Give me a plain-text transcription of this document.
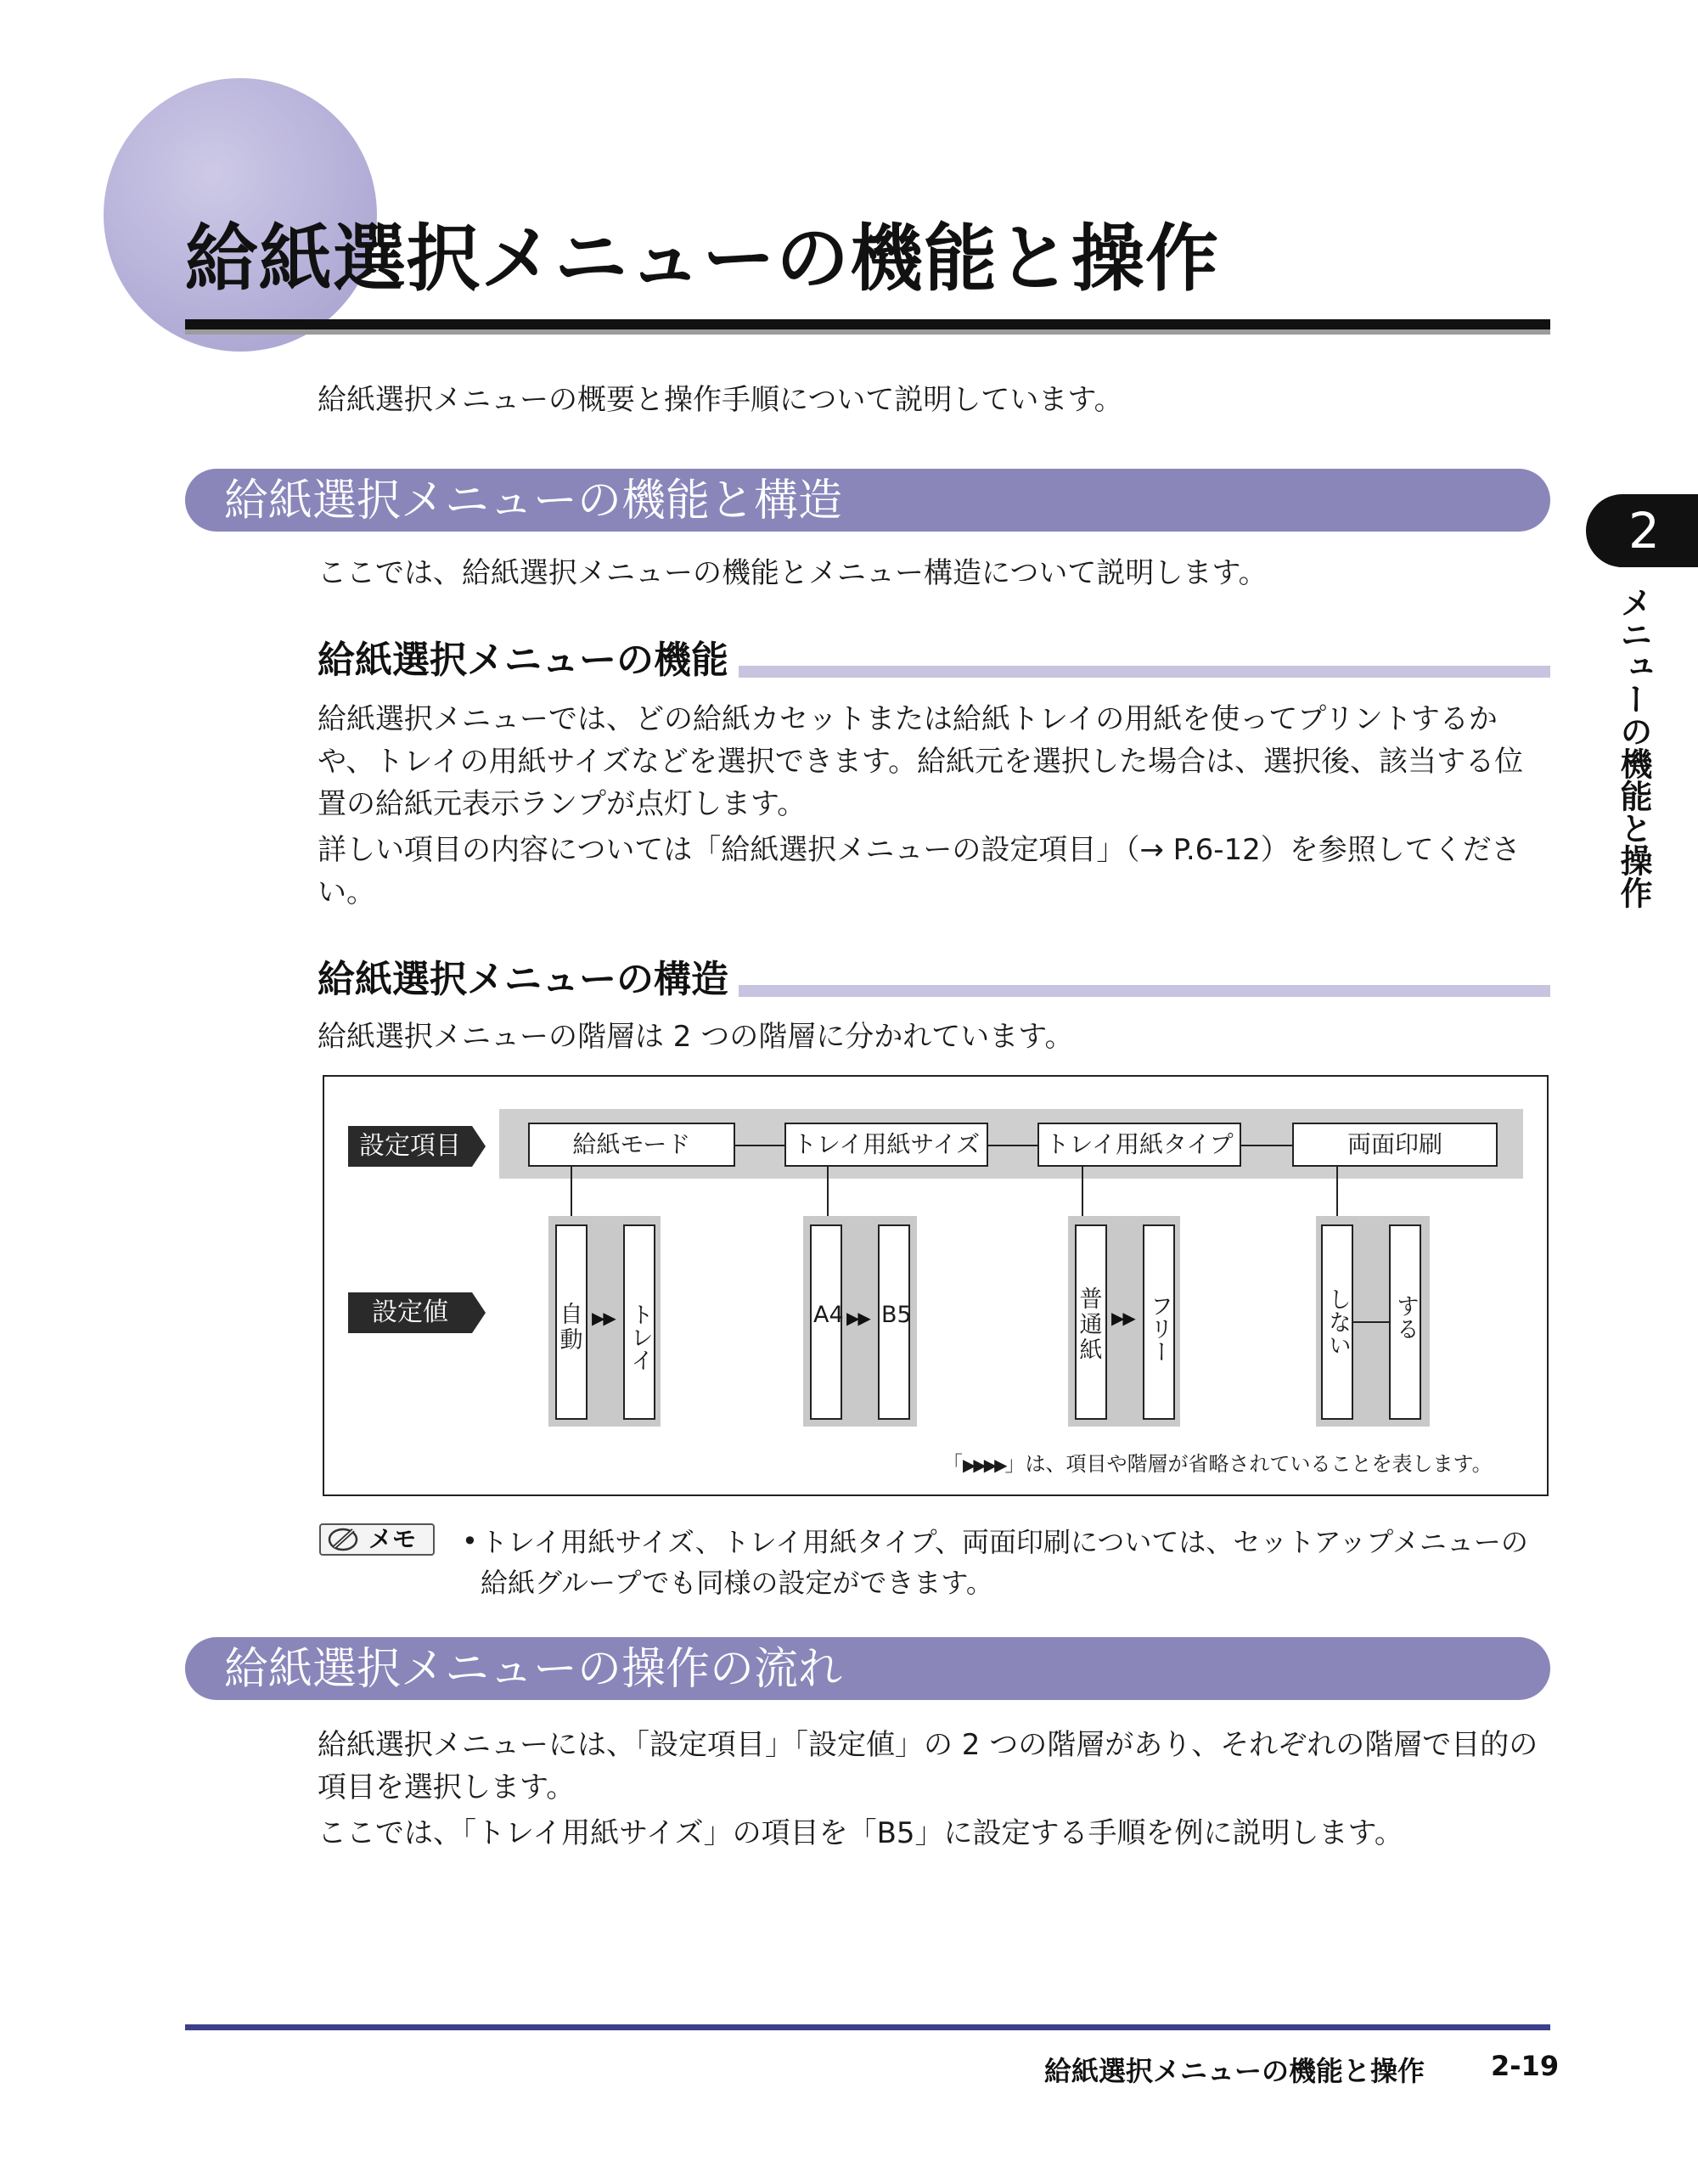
給紙選択メニューの機能と操作
給紙選択メニューの概要と操作手順について説明しています。
2
メニューの機能と操作
給紙選択メニューの機能と構造
ここでは、給紙選択メニューの機能とメニュー構造について説明します。
給紙選択メニューの機能
給紙選択メニューでは、どの給紙カセットまたは給紙トレイの用紙を使ってプリントするかや、トレイの用紙サイズなどを選択できます。給紙元を選択した場合は、選択後、該当する位置の給紙元表示ランプが点灯します。
詳しい項目の内容については「給紙選択メニューの設定項目」（→ P.6-12）を参照してください。
給紙選択メニューの構造
給紙選択メニューの階層は 2 つの階層に分かれています。
設定項目
設定値
給紙モード	トレイ用紙サイズ	トレイ用紙タイプ	両面印刷
自動
▶▶ トレイ	A4 ▶▶ B5
普通紙
▶▶ フリー	しない する
「▶▶▶▶」は、項目や階層が省略されていることを表します。
メモ • トレイ用紙サイズ、トレイ用紙タイプ、両面印刷については、セットアップメニューの給紙グループでも同様の設定ができます。
給紙選択メニューの操作の流れ
給紙選択メニューには、「設定項目」「設定値」の 2 つの階層があり、それぞれの階層で目的の項目を選択します。
ここでは、「トレイ用紙サイズ」の項目を「B5」に設定する手順を例に説明します。
給紙選択メニューの機能と操作 2-19
